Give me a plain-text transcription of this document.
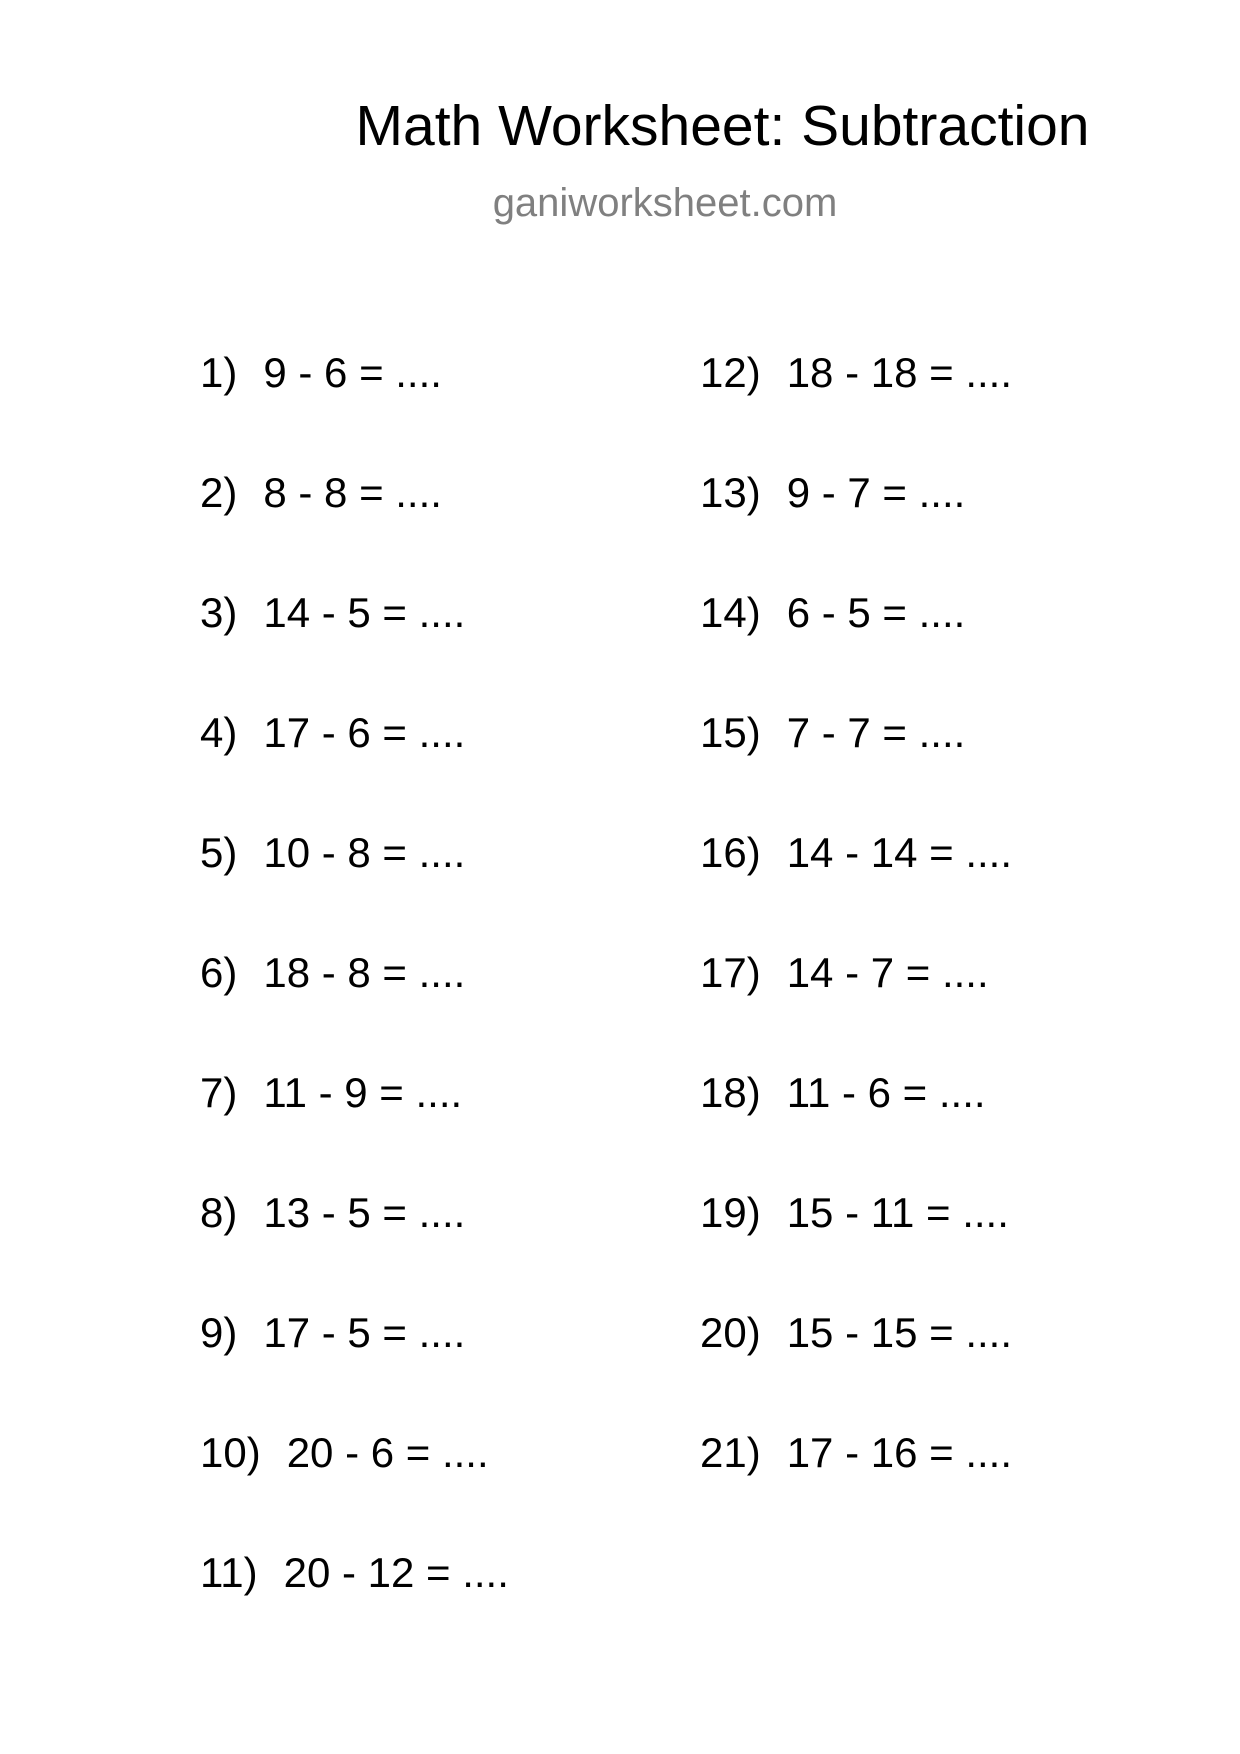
Math Worksheet: Subtraction
ganiworksheet.com
1) 9 - 6 = ....
2) 8 - 8 = ....
3) 14 - 5 = ....
4) 17 - 6 = ....
5) 10 - 8 = ....
6) 18 - 8 = ....
7) 11 - 9 = ....
8) 13 - 5 = ....
9) 17 - 5 = ....
10) 20 - 6 = ....
11) 20 - 12 = ....
12) 18 - 18 = ....
13) 9 - 7 = ....
14) 6 - 5 = ....
15) 7 - 7 = ....
16) 14 - 14 = ....
17) 14 - 7 = ....
18) 11 - 6 = ....
19) 15 - 11 = ....
20) 15 - 15 = ....
21) 17 - 16 = ....
